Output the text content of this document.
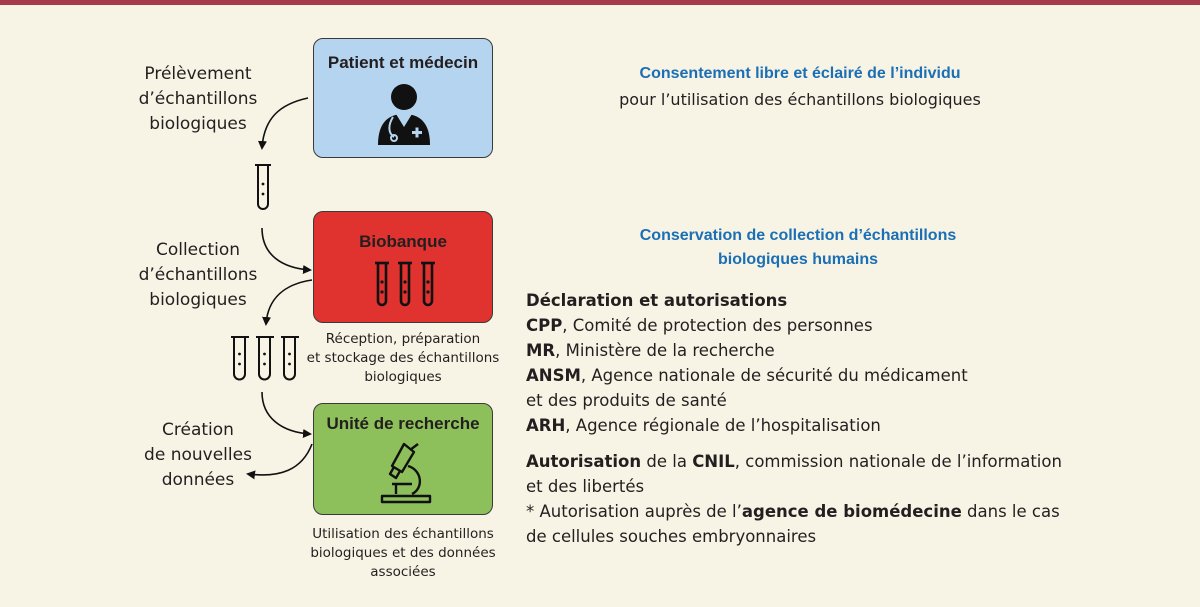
Patient et médecin
Biobanque
Unité de recherche
Prélèvement
d’échantillons
biologiques
Collection
d’échantillons
biologiques
Création
de nouvelles
données
Réception, préparation
et stockage des échantillons
biologiques
Utilisation des échantillons
biologiques et des données
associées
Consentement libre et éclairé de l’individu
pour l’utilisation des échantillons biologiques
Conservation de collection d’échantillons
biologiques humains
Déclaration et autorisations
CPP, Comité de protection des personnes
MR, Ministère de la recherche
ANSM, Agence nationale de sécurité du médicament
et des produits de santé
ARH, Agence régionale de l’hospitalisation
Autorisation de la CNIL, commission nationale de l’information
et des libertés
* Autorisation auprès de l’agence de biomédecine dans le cas
de cellules souches embryonnaires
